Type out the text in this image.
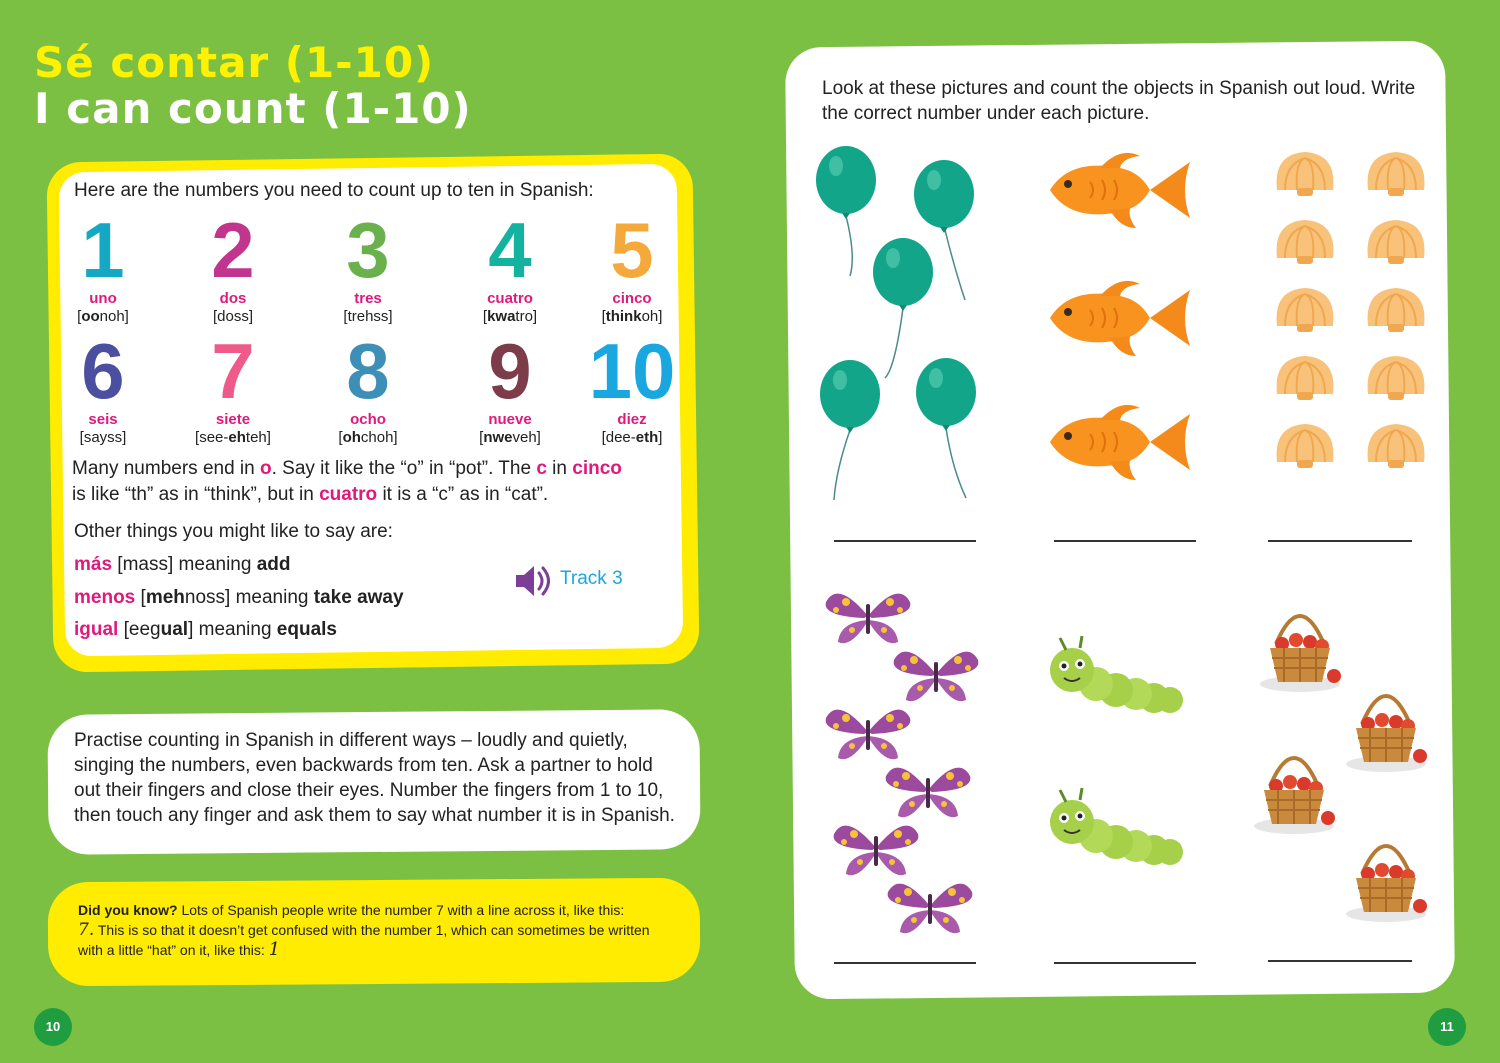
Sé contar (1-10)
I can count (1-10)
Here are the numbers you need to count up to ten in Spanish:
1
uno
[oonoh]
2
dos
[doss]
3
tres
[trehss]
4
cuatro
[kwatro]
5
cinco
[thinkoh]
6
seis
[sayss]
7
siete
[see-ehteh]
8
ocho
[ohchoh]
9
nueve
[nweveh]
10
diez
[dee-eth]
Many numbers end in o. Say it like the “o” in “pot”. The c in cinco
is like “th” as in “think”, but in cuatro it is a “c” as in “cat”.
Other things you might like to say are:
más [mass] meaning add
menos [mehnoss] meaning take away
igual [eegual] meaning equals
Track 3
Practise counting in Spanish in different ways – loudly and quietly, singing the numbers, even backwards from ten. Ask a partner to hold out their fingers and close their eyes. Number the fingers from 1 to 10, then touch any finger and ask them to say what number it is in Spanish.
Did you know? Lots of Spanish people write the number 7 with a line across it, like this:
7. This is so that it doesn’t get confused with the number 1, which can sometimes be written with a little “hat” on it, like this: 1
10
Look at these pictures and count the objects in Spanish out loud. Write the correct number under each picture.
11
